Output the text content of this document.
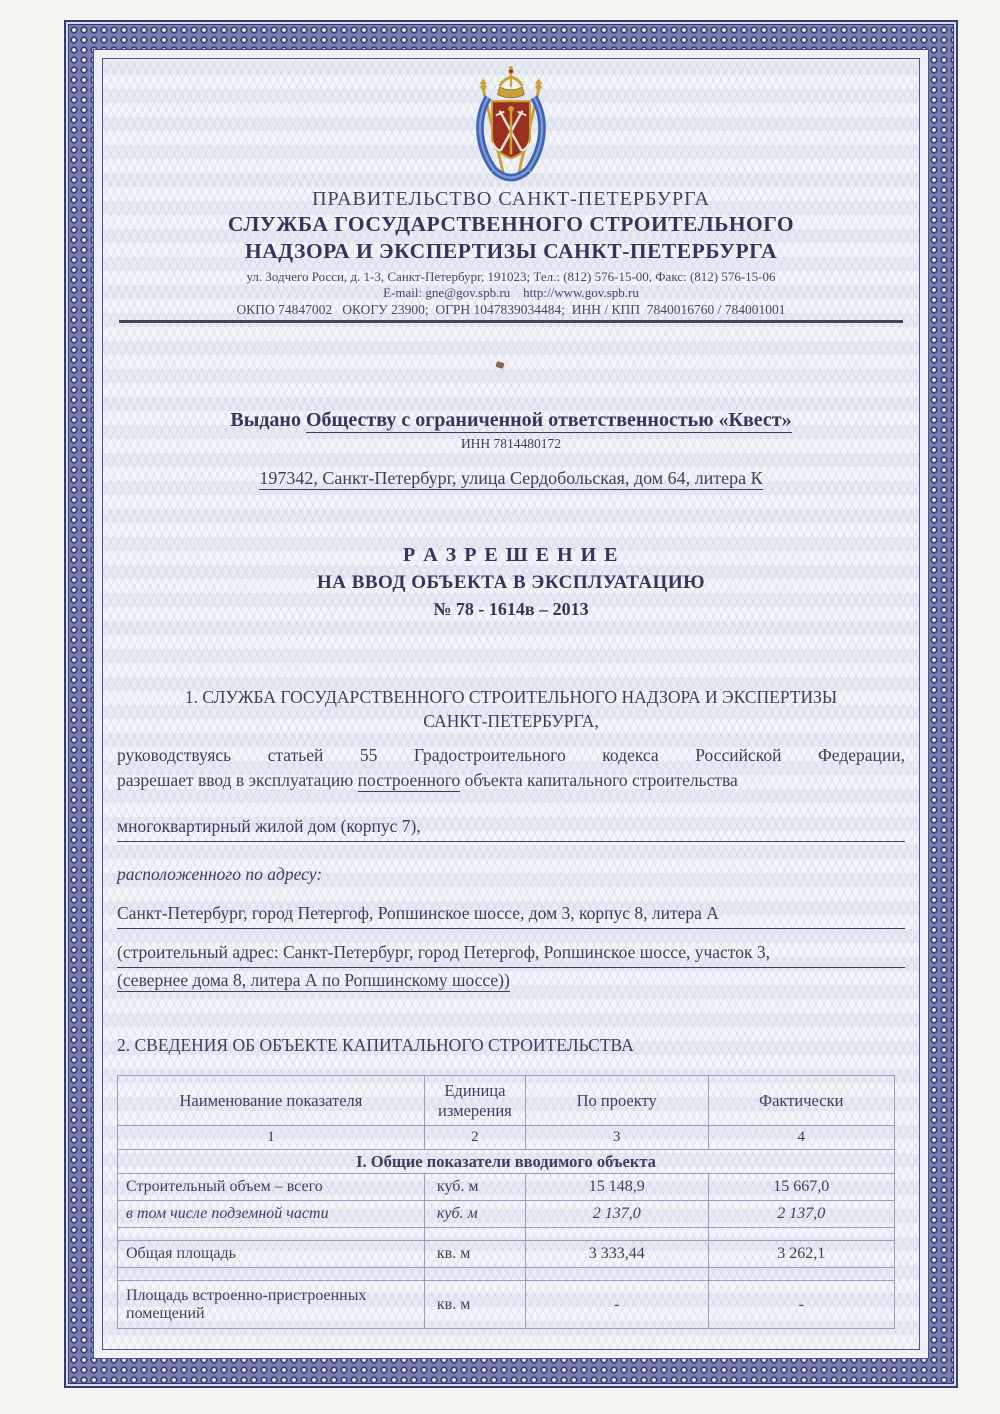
ПРАВИТЕЛЬСТВО САНКТ-ПЕТЕРБУРГА
СЛУЖБА ГОСУДАРСТВЕННОГО СТРОИТЕЛЬНОГО
НАДЗОРА И ЭКСПЕРТИЗЫ САНКТ-ПЕТЕРБУРГА
ул. Зодчего Росси, д. 1-3, Санкт-Петербург, 191023; Тел.: (812) 576-15-00, Факс: (812) 576-15-06
E-mail: gne@gov.spb.ru    http://www.gov.spb.ru
ОКПО 74847002   ОКОГУ 23900;  ОГРН 1047839034484;  ИНН / КПП  7840016760 / 784001001
Выдано Обществу с ограниченной ответственностью «Квест»
ИНН 7814480172
197342, Санкт-Петербург, улица Сердобольская, дом 64, литера К
Р А З Р Е Ш Е Н И Е
НА ВВОД ОБЪЕКТА В ЭКСПЛУАТАЦИЮ
№ 78 - 1614в – 2013
1. СЛУЖБА ГОСУДАРСТВЕННОГО СТРОИТЕЛЬНОГО НАДЗОРА И ЭКСПЕРТИЗЫ
САНКТ-ПЕТЕРБУРГА,
руководствуясь статьей 55 Градостроительного кодекса Российской Федерации,
разрешает ввод в эксплуатацию построенного объекта капитального строительства
многоквартирный жилой дом (корпус 7),
расположенного по адресу:
Санкт-Петербург, город Петергоф, Ропшинское шоссе, дом 3, корпус 8, литера А
(строительный адрес: Санкт-Петербург, город Петергоф, Ропшинское шоссе, участок 3,
(севернее дома 8, литера А по Ропшинскому шоссе))
2. СВЕДЕНИЯ ОБ ОБЪЕКТЕ КАПИТАЛЬНОГО СТРОИТЕЛЬСТВА
Наименование показателя	Единица измерения	По проекту	Фактически
1	2	3	4
I. Общие показатели вводимого объекта			
Строительный объем – всего	куб. м	15 148,9	15 667,0
в том числе подземной части	куб. м	2 137,0	2 137,0

Общая площадь	кв. м	3 333,44	3 262,1

Площадь встроенно-пристроенных помещений	кв. м	-	-
